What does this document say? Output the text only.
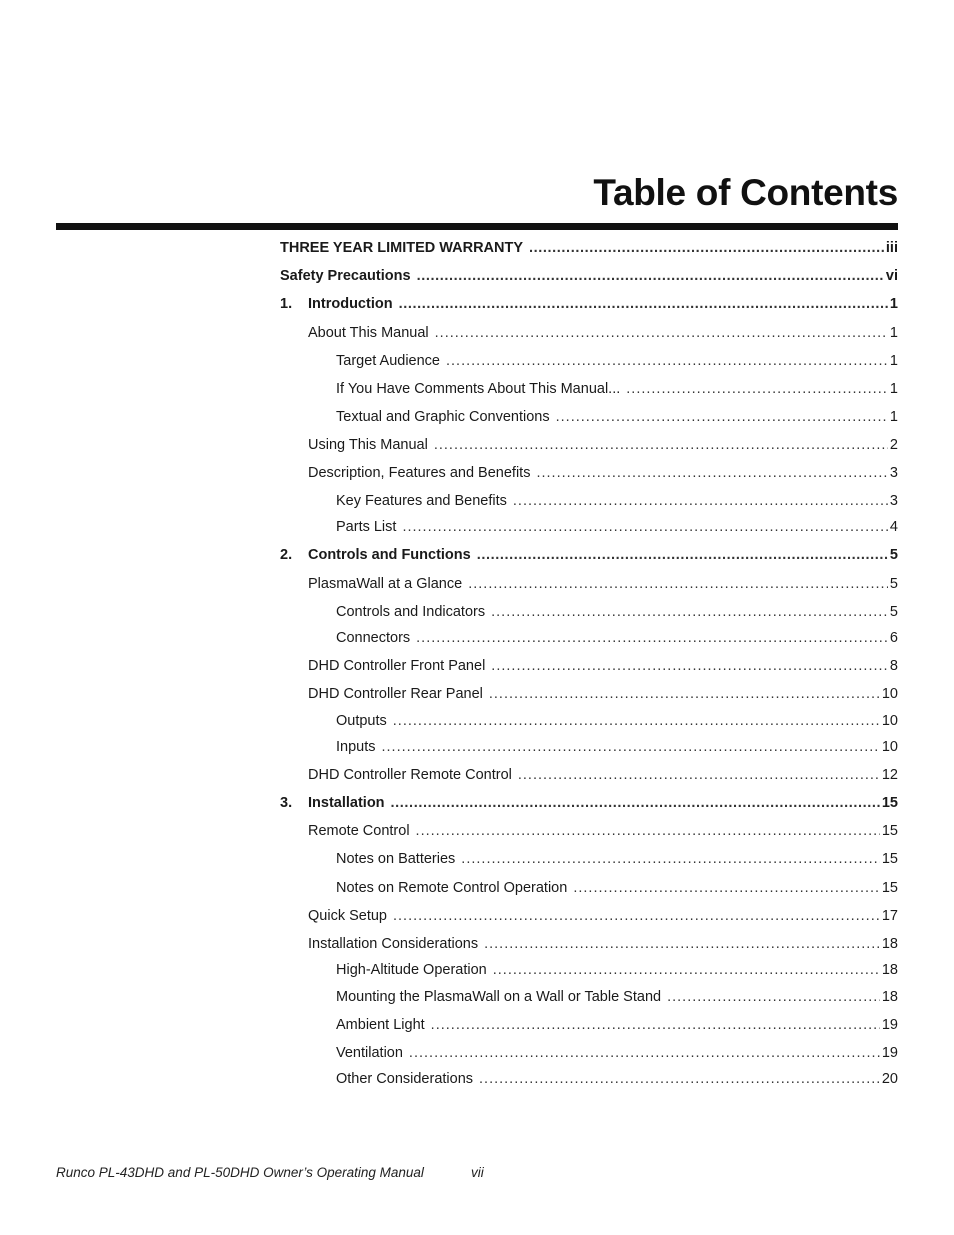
Table of Contents
THREE YEAR LIMITED WARRANTY .....	iii
Safety Precautions .....	vi
1.	Introduction .....	1
About This Manual .....	1
Target Audience .....	1
If You Have Comments About This Manual... .....	1
Textual and Graphic Conventions .....	1
Using This Manual .....	2
Description, Features and Benefits .....	3
Key Features and Benefits .....	3
Parts List .....	4
2.	Controls and Functions .....	5
PlasmaWall at a Glance .....	5
Controls and Indicators .....	5
Connectors .....	6
DHD Controller Front Panel .....	8
DHD Controller Rear Panel .....	10
Outputs .....	10
Inputs .....	10
DHD Controller Remote Control .....	12
3.	Installation .....	15
Remote Control .....	15
Notes on Batteries .....	15
Notes on Remote Control Operation .....	15
Quick Setup .....	17
Installation Considerations .....	18
High-Altitude Operation .....	18
Mounting the PlasmaWall on a Wall or Table Stand .....	18
Ambient Light .....	19
Ventilation .....	19
Other Considerations .....	20
Runco PL-43DHD and PL-50DHD Owner’s Operating Manual	vii
